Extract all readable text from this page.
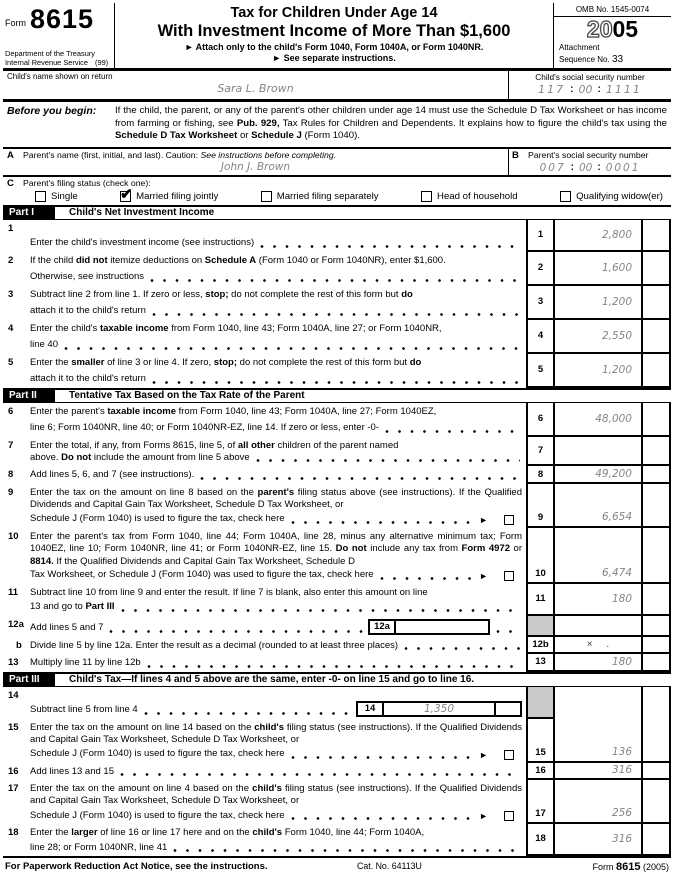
Form 8615
Department of the Treasury
Internal Revenue Service (99)
Tax for Children Under Age 14
With Investment Income of More Than $1,600
► Attach only to the child's Form 1040, Form 1040A, or Form 1040NR.
► See separate instructions.
OMB No. 1545-0074
2005
Attachment
Sequence No. 33
Child's name shown on return
Sara L. Brown
Child's social security number
117 : 00 : 1111
Before you begin:	If the child, the parent, or any of the parent's other children under age 14 must use the Schedule D Tax Worksheet or has income from farming or fishing, see Pub. 929, Tax Rules for Children and Dependents. It explains how to figure the child's tax using the Schedule D Tax Worksheet or Schedule J (Form 1040).
A	Parent's name (first, initial, and last). Caution: See instructions before completing.
John J. Brown
B	Parent's social security number
007 : 00 : 0001
C	Parent's filing status (check one):
Single ✔	Married filing jointly	Married filing separately	Head of household	Qualifying widow(er)
Part I	Child's Net Investment Income
1
Enter the child's investment income (see instructions)
1	2,800
2	If the child did not itemize deductions on Schedule A (Form 1040 or Form 1040NR), enter $1,600.
Otherwise, see instructions
2	1,600
3	Subtract line 2 from line 1. If zero or less, stop; do not complete the rest of this form but do
attach it to the child's return
3	1,200
4	Enter the child's taxable income from Form 1040, line 43; Form 1040A, line 27; or Form 1040NR,
line 40
4	2,550
5	Enter the smaller of line 3 or line 4. If zero, stop; do not complete the rest of this form but do
attach it to the child's return
5	1,200
Part II	Tentative Tax Based on the Tax Rate of the Parent
6	Enter the parent's taxable income from Form 1040, line 43; Form 1040A, line 27; Form 1040EZ,
line 6; Form 1040NR, line 40; or Form 1040NR-EZ, line 14. If zero or less, enter -0-
6	48,000
7	Enter the total, if any, from Forms 8615, line 5, of all other children of the parent named
above. Do not include the amount from line 5 above
7
8	Add lines 5, 6, and 7 (see instructions).	8	49,200
9	Enter the tax on the amount on line 8 based on the parent's filing status above (see instructions). If the Qualified Dividends and Capital Gain Tax Worksheet, Schedule D Tax Worksheet, or
Schedule J (Form 1040) is used to figure the tax, check here	►	9	6,654
10	Enter the parent's tax from Form 1040, line 44; Form 1040A, line 28, minus any alternative minimum tax; Form 1040EZ, line 10; Form 1040NR, line 41; or Form 1040NR-EZ, line 15. Do not include any tax from Form 4972 or 8814. If the Qualified Dividends and Capital Gain Tax Worksheet, Schedule D
Tax Worksheet, or Schedule J (Form 1040) was used to figure the tax, check here	►	10	6,474
11	Subtract line 10 from line 9 and enter the result. If line 7 is blank, also enter this amount on line
13 and go to Part III
11	180
12a Add lines 5 and 7	12a
b Divide line 5 by line 12a. Enter the result as a decimal (rounded to at least three places)	12b	× .
13	Multiply line 11 by line 12b	13	180
Part III	Child's Tax—If lines 4 and 5 above are the same, enter -0- on line 15 and go to line 16.
14
Subtract line 5 from line 4	14	1,350
15	Enter the tax on the amount on line 14 based on the child's filing status (see instructions). If the Qualified Dividends and Capital Gain Tax Worksheet, Schedule D Tax Worksheet, or
Schedule J (Form 1040) is used to figure the tax, check here	►	15	136
16	Add lines 13 and 15	16	316
17	Enter the tax on the amount on line 4 based on the child's filing status (see instructions). If the Qualified Dividends and Capital Gain Tax Worksheet, Schedule D Tax Worksheet, or
Schedule J (Form 1040) is used to figure the tax, check here	►	17	256
18	Enter the larger of line 16 or line 17 here and on the child's Form 1040, line 44; Form 1040A,
line 28; or Form 1040NR, line 41
18	316
For Paperwork Reduction Act Notice, see the instructions.	Cat. No. 64113U	Form 8615 (2005)
